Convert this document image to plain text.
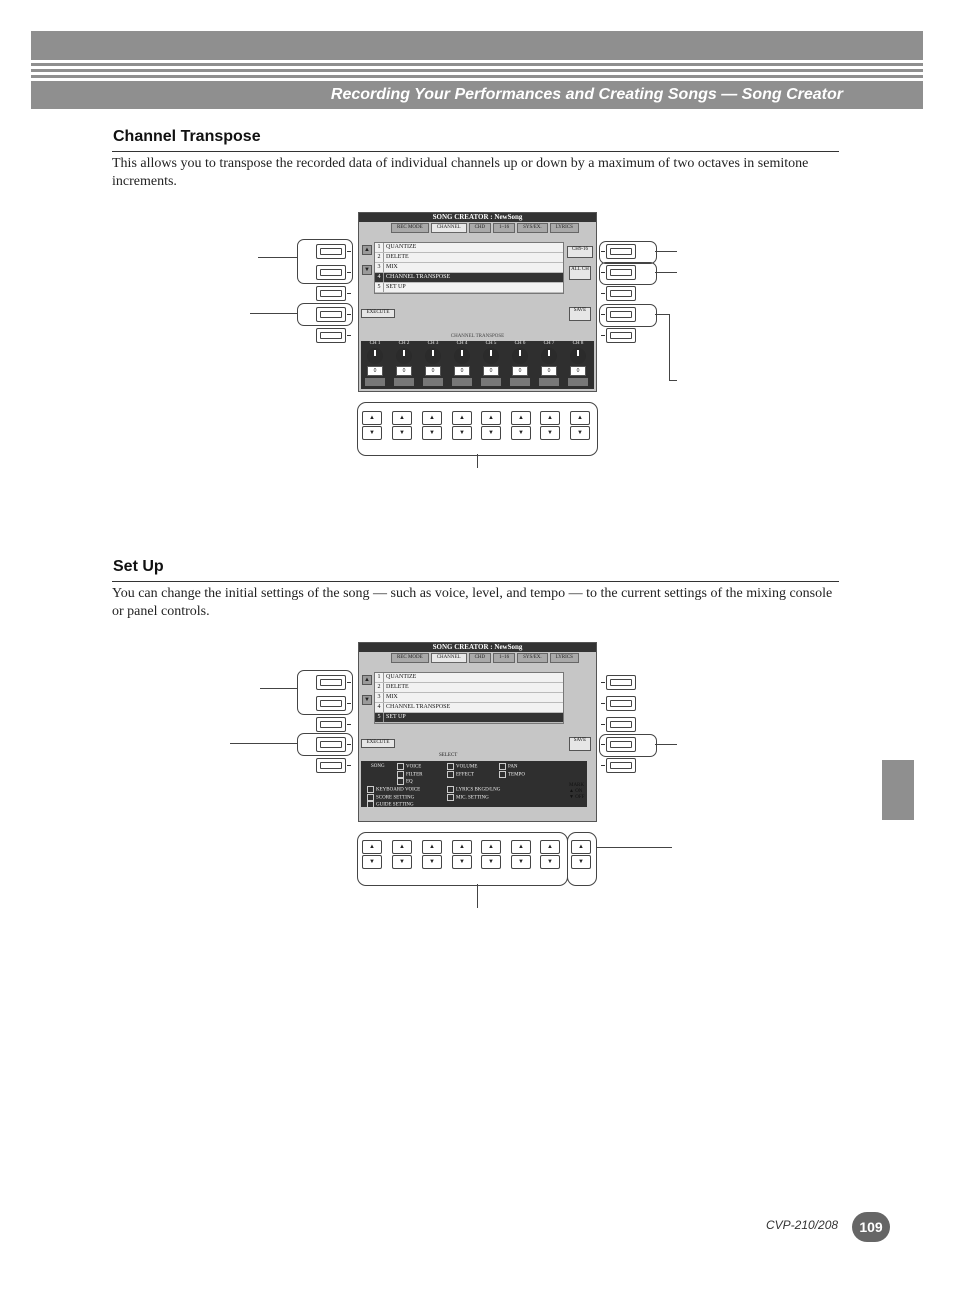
Recording Your Performances and Creating Songs — Song Creator
Channel Transpose
This allows you to transpose the recorded data of individual channels up or down by a maximum of two octaves in semitone increments.
SONG CREATOR : NewSong
REC MODE	CHANNEL	CHD	1–16	SYS/EX.	LYRICS
▲
▼
1 QUANTIZE
2 DELETE
3 MIX
4 CHANNEL TRANSPOSE
5 SET UP
CH9-16
ALL CH
EXECUTE	SAVE
CHANNEL TRANSPOSE
CH 1
0
CH 2
0
CH 3
0
CH 4
0
CH 5
0
CH 6
0
CH 7
0
CH 8
0
▲
▼
▲
▼
▲
▼
▲
▼
▲
▼
▲
▼
▲
▼
▲
▼
Set Up
You can change the initial settings of the song — such as voice, level, and tempo — to the current settings of the mixing console or panel controls.
SONG CREATOR : NewSong
REC MODE	CHANNEL	CHD	1–16	SYS/EX.	LYRICS
▲
▼
1 QUANTIZE
2 DELETE
3 MIX
4 CHANNEL TRANSPOSE
5 SET UP
EXECUTE	SAVE
SELECT
SONG	VOICE
FILTER
EQ
VOLUME
EFFECT
PAN
TEMPO
KEYBOARD VOICE
SCORE SETTING
GUIDE SETTING
LYRICS BKGD/LNG
MIC. SETTING
MARK
▲ ON
▼ OFF
▲
▼
▲
▼
▲
▼
▲
▼
▲
▼
▲
▼
▲
▼
▲
▼
CVP-210/208	109
